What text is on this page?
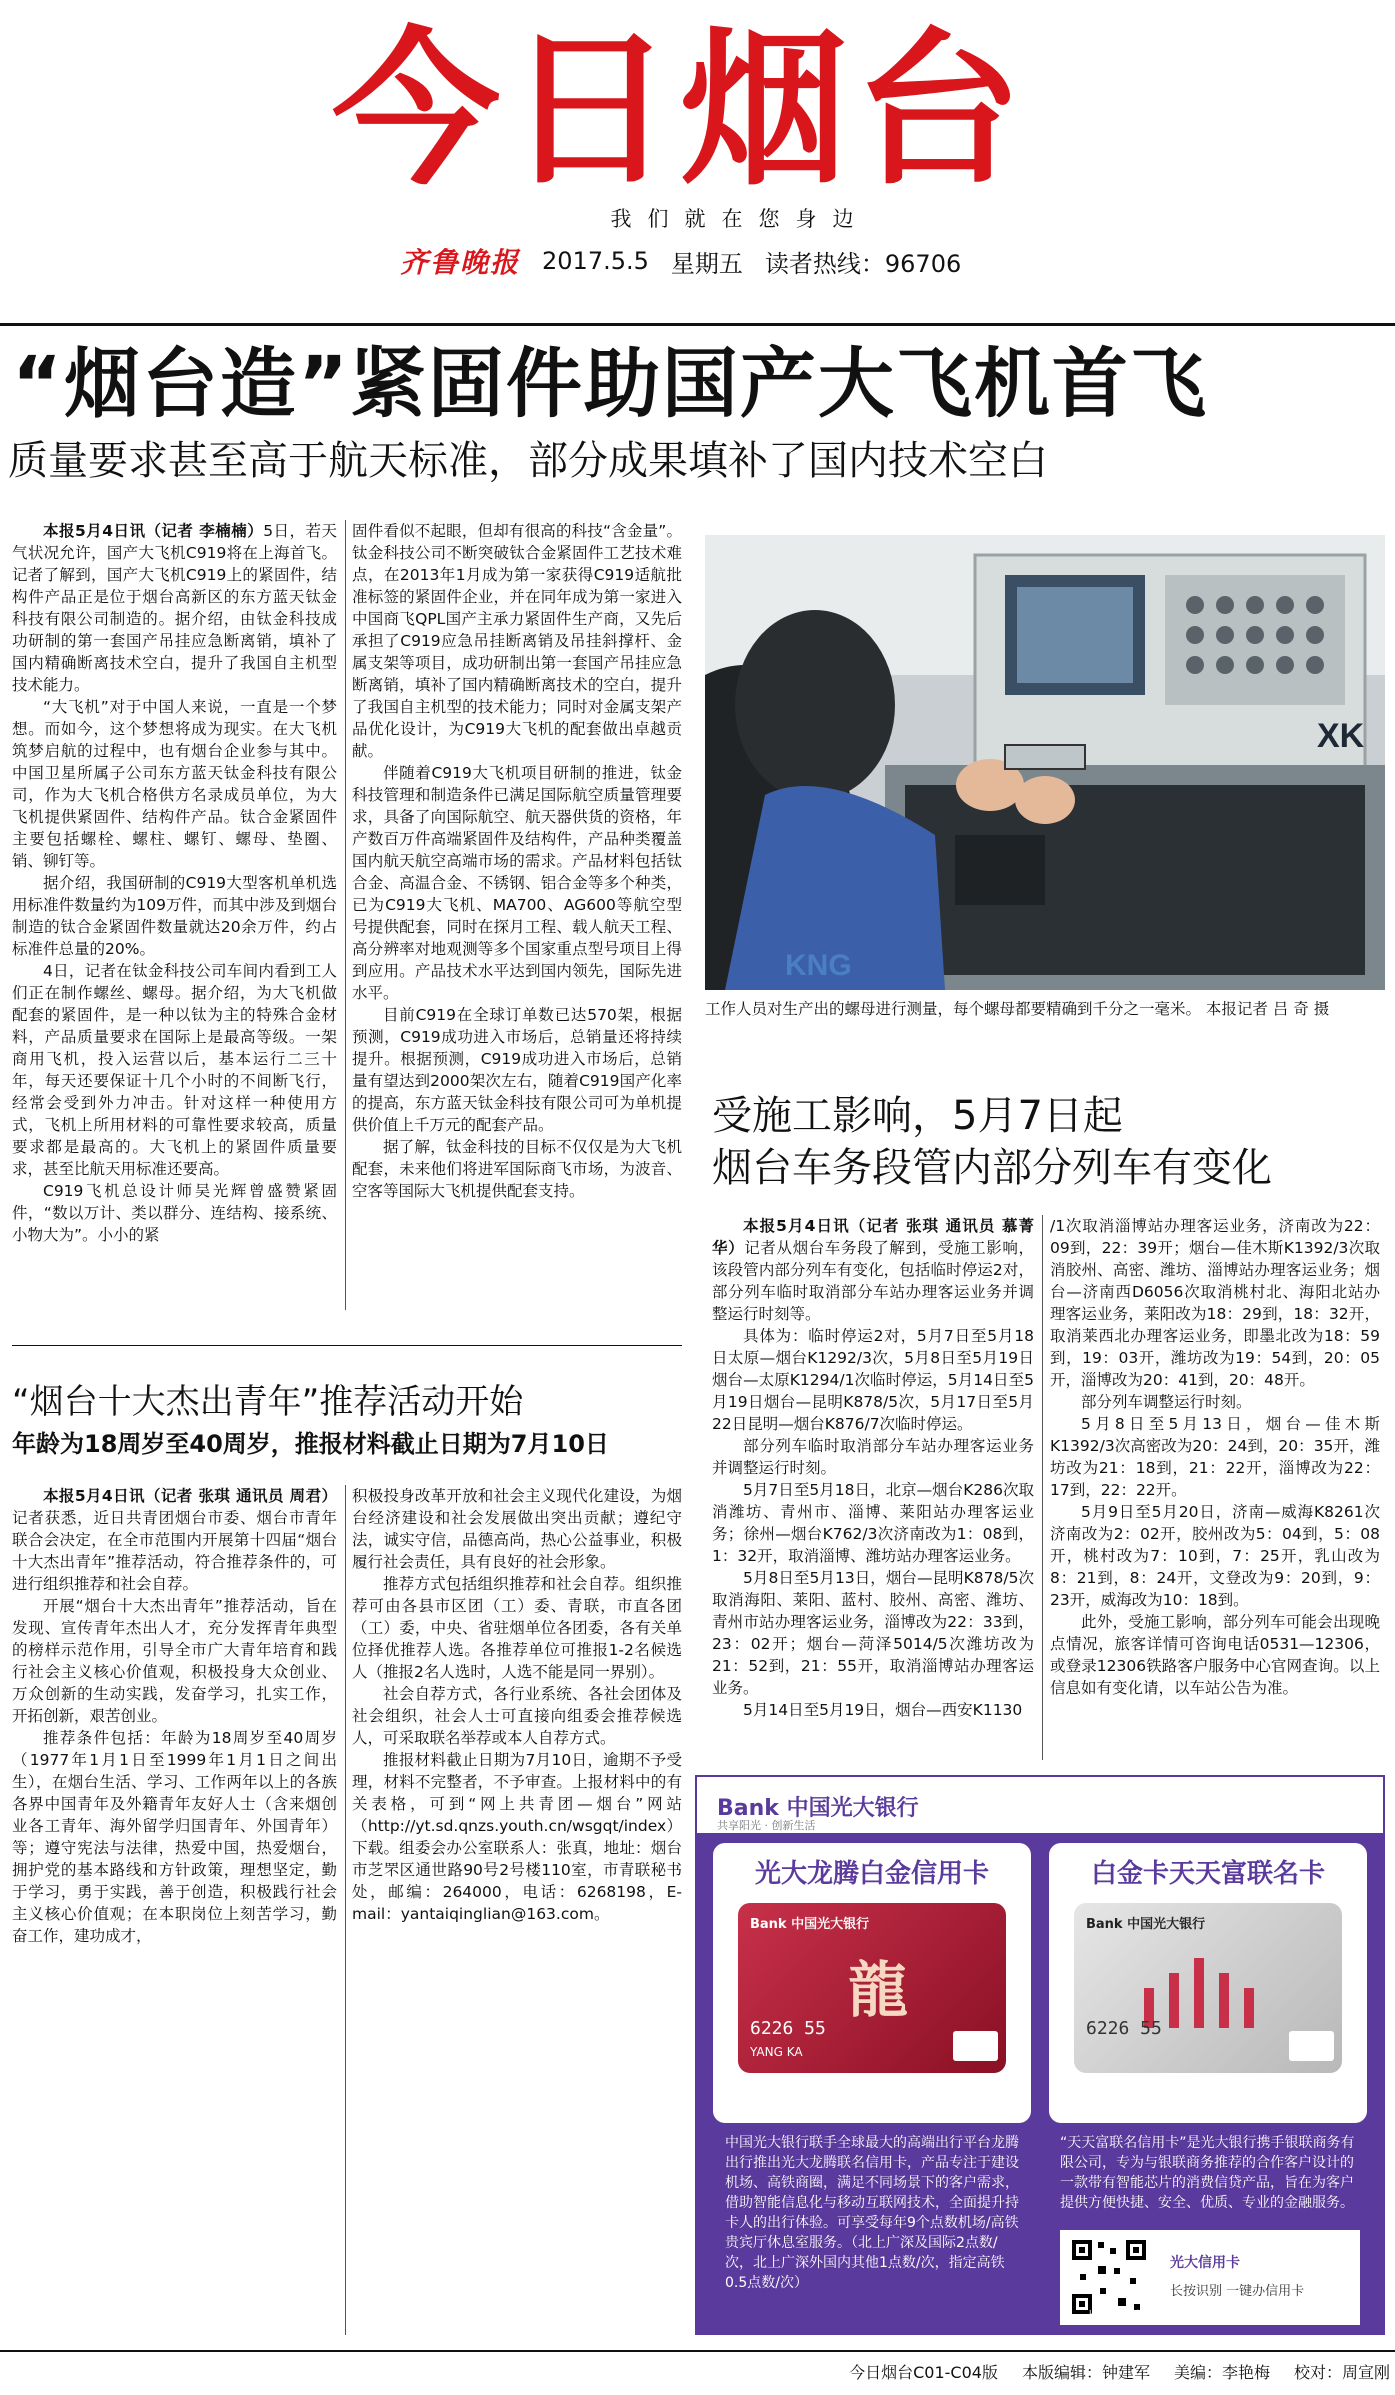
今日烟台
我们就在您身边
齐鲁晚报 2017.5.5 星期五 读者热线：96706
“烟台造”紧固件助国产大飞机首飞
质量要求甚至高于航天标准，部分成果填补了国内技术空白

本报5月4日讯（记者 李楠楠）5日，若天气状况允许，国产大飞机C919将在上海首飞。记者了解到，国产大飞机C919上的紧固件，结构件产品正是位于烟台高新区的东方蓝天钛金科技有限公司制造的。据介绍，由钛金科技成功研制的第一套国产吊挂应急断离销，填补了国内精确断离技术空白，提升了我国自主机型技术能力。

“大飞机”对于中国人来说，一直是一个梦想。而如今，这个梦想将成为现实。在大飞机筑梦启航的过程中，也有烟台企业参与其中。中国卫星所属子公司东方蓝天钛金科技有限公司，作为大飞机合格供方名录成员单位，为大飞机提供紧固件、结构件产品。钛合金紧固件主要包括螺栓、螺柱、螺钉、螺母、垫圈、销、铆钉等。

据介绍，我国研制的C919大型客机单机选用标准件数量约为109万件，而其中涉及到烟台制造的钛合金紧固件数量就达20余万件，约占标准件总量的20%。

4日，记者在钛金科技公司车间内看到工人们正在制作螺丝、螺母。据介绍，为大飞机做配套的紧固件，是一种以钛为主的特殊合金材料，产品质量要求在国际上是最高等级。一架商用飞机，投入运营以后，基本运行二三十年，每天还要保证十几个小时的不间断飞行，经常会受到外力冲击。针对这样一种使用方式，飞机上所用材料的可靠性要求较高，质量要求都是最高的。大飞机上的紧固件质量要求，甚至比航天用标准还要高。

C919飞机总设计师吴光辉曾盛赞紧固件，“数以万计、类以群分、连结构、接系统、小物大为”。小小的紧

固件看似不起眼，但却有很高的科技“含金量”。钛金科技公司不断突破钛合金紧固件工艺技术难点，在2013年1月成为第一家获得C919适航批准标签的紧固件企业，并在同年成为第一家进入中国商飞QPL国产主承力紧固件生产商，又先后承担了C919应急吊挂断离销及吊挂斜撑杆、金属支架等项目，成功研制出第一套国产吊挂应急断离销，填补了国内精确断离技术的空白，提升了我国自主机型的技术能力；同时对金属支架产品优化设计，为C919大飞机的配套做出卓越贡献。

伴随着C919大飞机项目研制的推进，钛金科技管理和制造条件已满足国际航空质量管理要求，具备了向国际航空、航天器供货的资格，年产数百万件高端紧固件及结构件，产品种类覆盖国内航天航空高端市场的需求。产品材料包括钛合金、高温合金、不锈钢、铝合金等多个种类，已为C919大飞机、MA700、AG600等航空型号提供配套，同时在探月工程、载人航天工程、高分辨率对地观测等多个国家重点型号项目上得到应用。产品技术水平达到国内领先，国际先进水平。

目前C919在全球订单数已达570架，根据预测，C919成功进入市场后，总销量还将持续提升。根据预测，C919成功进入市场后，总销量有望达到2000架次左右，随着C919国产化率的提高，东方蓝天钛金科技有限公司可为单机提供价值上千万元的配套产品。

据了解，钛金科技的目标不仅仅是为大飞机配套，未来他们将进军国际商飞市场，为波音、空客等国际大飞机提供配套支持。

XK
KNG
工作人员对生产出的螺母进行测量，每个螺母都要精确到千分之一毫米。 本报记者 吕 奇 摄
受施工影响，5月7日起
烟台车务段管内部分列车有变化

本报5月4日讯（记者 张琪 通讯员 慕菁华）记者从烟台车务段了解到，受施工影响，该段管内部分列车有变化，包括临时停运2对，部分列车临时取消部分车站办理客运业务并调整运行时刻等。

具体为：临时停运2对，5月7日至5月18日太原—烟台K1292/3次，5月8日至5月19日烟台—太原K1294/1次临时停运，5月14日至5月19日烟台—昆明K878/5次，5月17日至5月22日昆明—烟台K876/7次临时停运。

部分列车临时取消部分车站办理客运业务并调整运行时刻。

5月7日至5月18日，北京—烟台K286次取消潍坊、青州市、淄博、莱阳站办理客运业务；徐州—烟台K762/3次济南改为1：08到，1：32开，取消淄博、潍坊站办理客运业务。

5月8日至5月13日，烟台—昆明K878/5次取消海阳、莱阳、蓝村、胶州、高密、潍坊、青州市站办理客运业务，淄博改为22：33到，23：02开；烟台—菏泽5014/5次潍坊改为21：52到，21：55开，取消淄博站办理客运业务。

5月14日至5月19日，烟台—西安K1130

/1次取消淄博站办理客运业务，济南改为22：09到，22：39开；烟台—佳木斯K1392/3次取消胶州、高密、潍坊、淄博站办理客运业务；烟台—济南西D6056次取消桃村北、海阳北站办理客运业务，莱阳改为18：29到，18：32开，取消莱西北办理客运业务，即墨北改为18：59到，19：03开，潍坊改为19：54到，20：05开，淄博改为20：41到，20：48开。

部分列车调整运行时刻。

5月8日至5月13日，烟台—佳木斯K1392/3次高密改为20：24到，20：35开，潍坊改为21：18到，21：22开，淄博改为22：17到，22：22开。

5月9日至5月20日，济南—威海K8261次济南改为2：02开，胶州改为5：04到，5：08开，桃村改为7：10到，7：25开，乳山改为8：21到，8：24开，文登改为9：20到，9：23开，威海改为10：18到。

此外，受施工影响，部分列车可能会出现晚点情况，旅客详情可咨询电话0531—12306，或登录12306铁路客户服务中心官网查询。以上信息如有变化请，以车站公告为准。

“烟台十大杰出青年”推荐活动开始
年龄为18周岁至40周岁，推报材料截止日期为7月10日

本报5月4日讯（记者 张琪 通讯员 周君）记者获悉，近日共青团烟台市委、烟台市青年联合会决定，在全市范围内开展第十四届“烟台十大杰出青年”推荐活动，符合推荐条件的，可进行组织推荐和社会自荐。

开展“烟台十大杰出青年”推荐活动，旨在发现、宣传青年杰出人才，充分发挥青年典型的榜样示范作用，引导全市广大青年培育和践行社会主义核心价值观，积极投身大众创业、万众创新的生动实践，发奋学习，扎实工作，开拓创新，艰苦创业。

推荐条件包括：年龄为18周岁至40周岁（1977年1月1日至1999年1月1日之间出生），在烟台生活、学习、工作两年以上的各族各界中国青年及外籍青年友好人士（含来烟创业各工青年、海外留学归国青年、外国青年）等；遵守宪法与法律，热爱中国，热爱烟台，拥护党的基本路线和方针政策，理想坚定，勤于学习，勇于实践，善于创造，积极践行社会主义核心价值观；在本职岗位上刻苦学习，勤奋工作，建功成才，

积极投身改革开放和社会主义现代化建设，为烟台经济建设和社会发展做出突出贡献；遵纪守法，诚实守信，品德高尚，热心公益事业，积极履行社会责任，具有良好的社会形象。

推荐方式包括组织推荐和社会自荐。组织推荐可由各县市区团（工）委、青联，市直各团（工）委，中央、省驻烟单位各团委，各有关单位择优推荐人选。各推荐单位可推报1-2名候选人（推报2名人选时，人选不能是同一界别）。

社会自荐方式，各行业系统、各社会团体及社会组织，社会人士可直接向组委会推荐候选人，可采取联名举荐或本人自荐方式。

推报材料截止日期为7月10日，逾期不予受理，材料不完整者，不予审查。上报材料中的有关表格，可到“网上共青团—烟台”网站（http://yt.sd.qnzs.youth.cn/wsgqt/index）下载。组委会办公室联系人：张真，地址：烟台市芝罘区通世路90号2号楼110室，市青联秘书处，邮编：264000，电话：6268198，E-mail：yantaiqinglian@163.com。

Bank 中国光大银行
共享阳光 · 创新生活
光大龙腾白金信用卡
Bank 中国光大银行
龍
6226 55
YANG KA
白金卡天天富联名卡
Bank 中国光大银行
6226 55
中国光大银行联手全球最大的高端出行平台龙腾出行推出光大龙腾联名信用卡，产品专注于建设机场、高铁商圈，满足不同场景下的客户需求，借助智能信息化与移动互联网技术，全面提升持卡人的出行体验。可享受每年9个点数机场/高铁贵宾厅休息室服务。（北上广深及国际2点数/次，北上广深外国内其他1点数/次，指定高铁0.5点数/次）
“天天富联名信用卡”是光大银行携手银联商务有限公司，专为与银联商务推荐的合作客户设计的一款带有智能芯片的消费信贷产品，旨在为客户提供方便快捷、安全、优质、专业的金融服务。
光大信用卡
长按识别 一键办信用卡
长按/扫一扫识别二维码，便可在线申请我行信用卡
今日烟台C01-C04版 本版编辑：钟建军 美编：李艳梅 校对：周宣刚
